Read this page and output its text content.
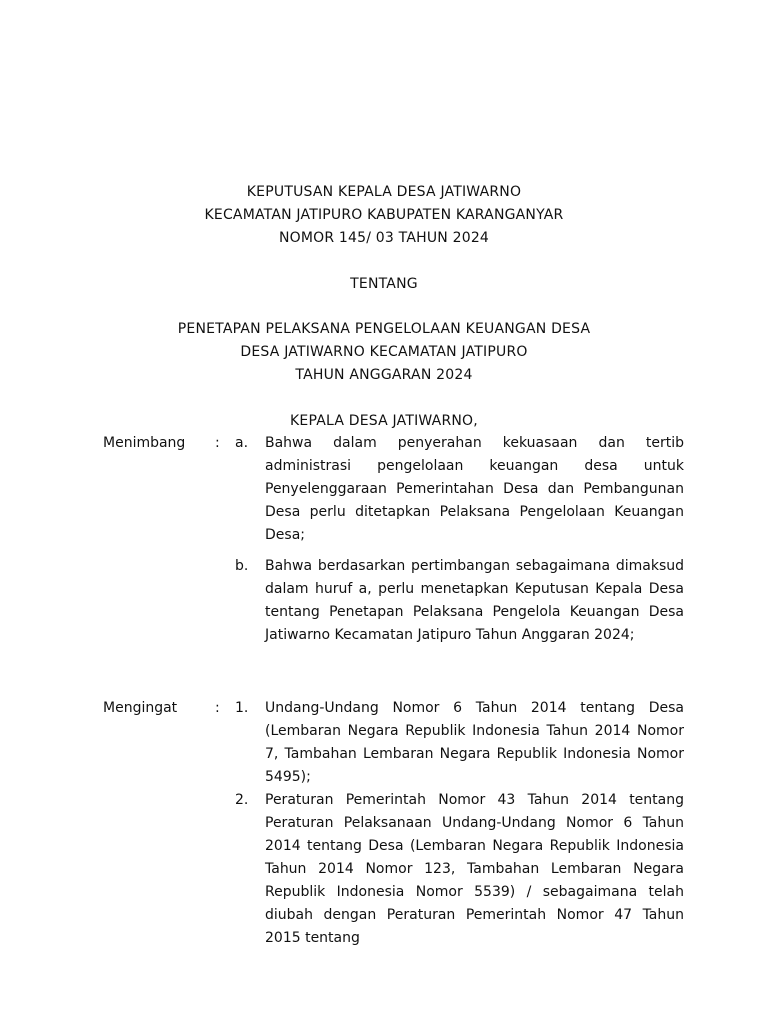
KEPUTUSAN KEPALA DESA JATIWARNO
KECAMATAN JATIPURO KABUPATEN KARANGANYAR
NOMOR 145/ 03 TAHUN 2024
TENTANG
PENETAPAN PELAKSANA PENGELOLAAN KEUANGAN DESA
DESA JATIWARNO KECAMATAN JATIPURO
TAHUN ANGGARAN 2024
KEPALA DESA JATIWARNO,
Menimbang	:	a.	Bahwa dalam penyerahan kekuasaan dan tertib administrasi pengelolaan keuangan desa untuk Penyelenggaraan Pemerintahan Desa dan Pembangunan Desa perlu ditetapkan Pelaksana Pengelolaan Keuangan Desa;
b.	Bahwa berdasarkan pertimbangan sebagaimana dimaksud dalam huruf a, perlu menetapkan Keputusan Kepala Desa tentang Penetapan Pelaksana Pengelola Keuangan Desa Jatiwarno Kecamatan Jatipuro Tahun Anggaran 2024;
Mengingat	:	1.	Undang-Undang Nomor 6 Tahun 2014 tentang Desa (Lembaran Negara Republik Indonesia Tahun 2014 Nomor 7, Tambahan Lembaran Negara Republik Indonesia Nomor 5495);
2.	Peraturan Pemerintah Nomor 43 Tahun 2014 tentang Peraturan Pelaksanaan Undang-Undang Nomor 6 Tahun 2014 tentang Desa (Lembaran Negara Republik Indonesia Tahun 2014 Nomor 123, Tambahan Lembaran Negara Republik Indonesia Nomor 5539) / sebagaimana telah diubah dengan Peraturan Pemerintah Nomor 47 Tahun 2015 tentang
